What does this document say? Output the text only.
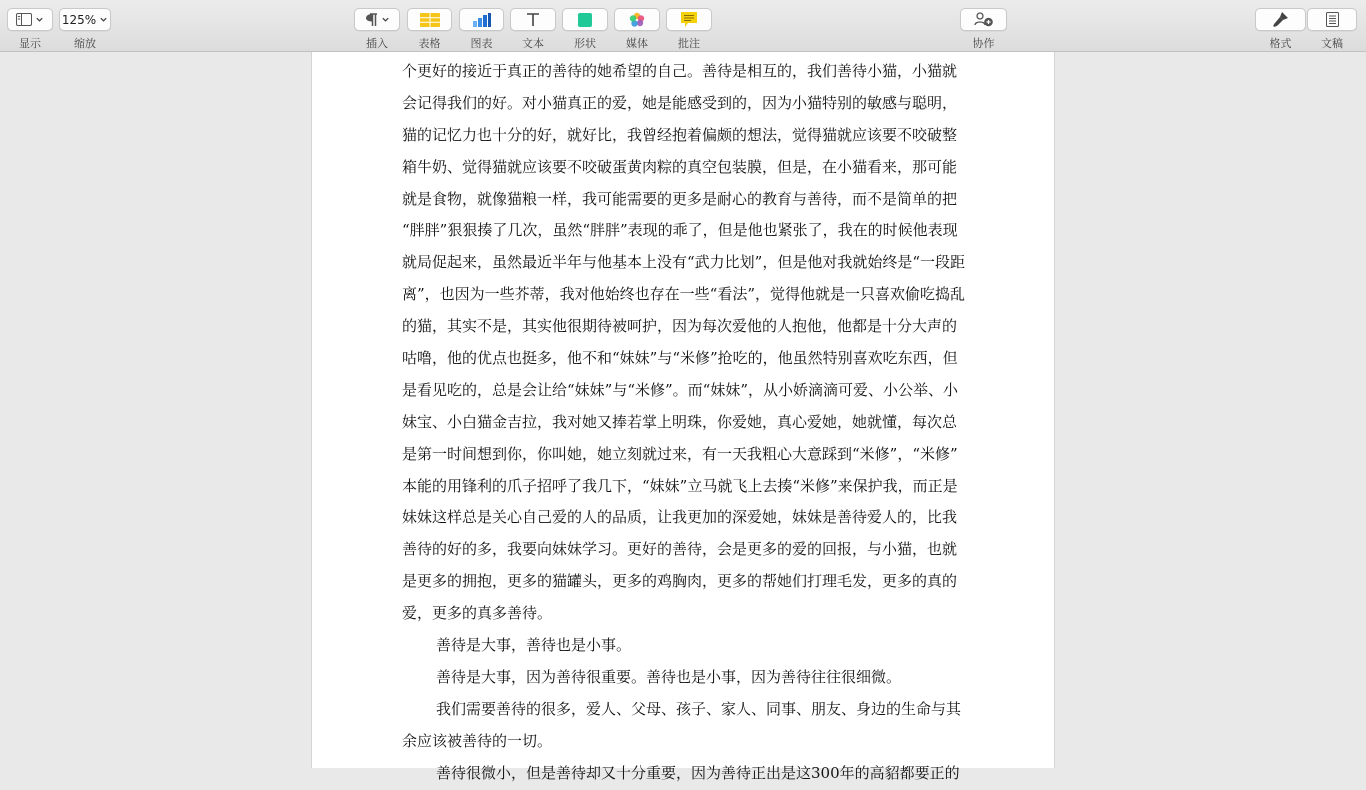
显示
125%
缩放	插入	表格	图表	文本	形状	媒体	批注	协作	格式	文稿
个更好的接近于真正的善待的她希望的自己。善待是相互的，我们善待小猫，小猫就
会记得我们的好。对小猫真正的爱，她是能感受到的，因为小猫特别的敏感与聪明，
猫的记忆力也十分的好，就好比，我曾经抱着偏颇的想法，觉得猫就应该要不咬破整
箱牛奶、觉得猫就应该要不咬破蛋黄肉粽的真空包装膜，但是，在小猫看来，那可能
就是食物，就像猫粮一样，我可能需要的更多是耐心的教育与善待，而不是简单的把
“胖胖”狠狠揍了几次，虽然“胖胖”表现的乖了，但是他也紧张了，我在的时候他表现
就局促起来，虽然最近半年与他基本上没有“武力比划”，但是他对我就始终是“一段距
离”，也因为一些芥蒂，我对他始终也存在一些“看法”，觉得他就是一只喜欢偷吃捣乱
的猫，其实不是，其实他很期待被呵护，因为每次爱他的人抱他，他都是十分大声的
咕噜，他的优点也挺多，他不和“妹妹”与“米修”抢吃的，他虽然特别喜欢吃东西，但
是看见吃的，总是会让给“妹妹”与“米修”。而“妹妹”，从小娇滴滴可爱、小公举、小
妹宝、小白猫金吉拉，我对她又捧若掌上明珠，你爱她，真心爱她，她就懂，每次总
是第一时间想到你，你叫她，她立刻就过来，有一天我粗心大意踩到“米修”，“米修”
本能的用锋利的爪子招呼了我几下，“妹妹”立马就飞上去揍“米修”来保护我，而正是
妹妹这样总是关心自己爱的人的品质，让我更加的深爱她，妹妹是善待爱人的，比我
善待的好的多，我要向妹妹学习。更好的善待，会是更多的爱的回报，与小猫，也就
是更多的拥抱，更多的猫罐头，更多的鸡胸肉，更多的帮她们打理毛发，更多的真的
爱，更多的真多善待。
善待是大事，善待也是小事。
善待是大事，因为善待很重要。善待也是小事，因为善待往往很细微。
我们需要善待的很多，爱人、父母、孩子、家人、同事、朋友、身边的生命与其
余应该被善待的一切。
善待很微小，但是善待却又十分重要，因为善待正出是这300年的高貂都要正的
